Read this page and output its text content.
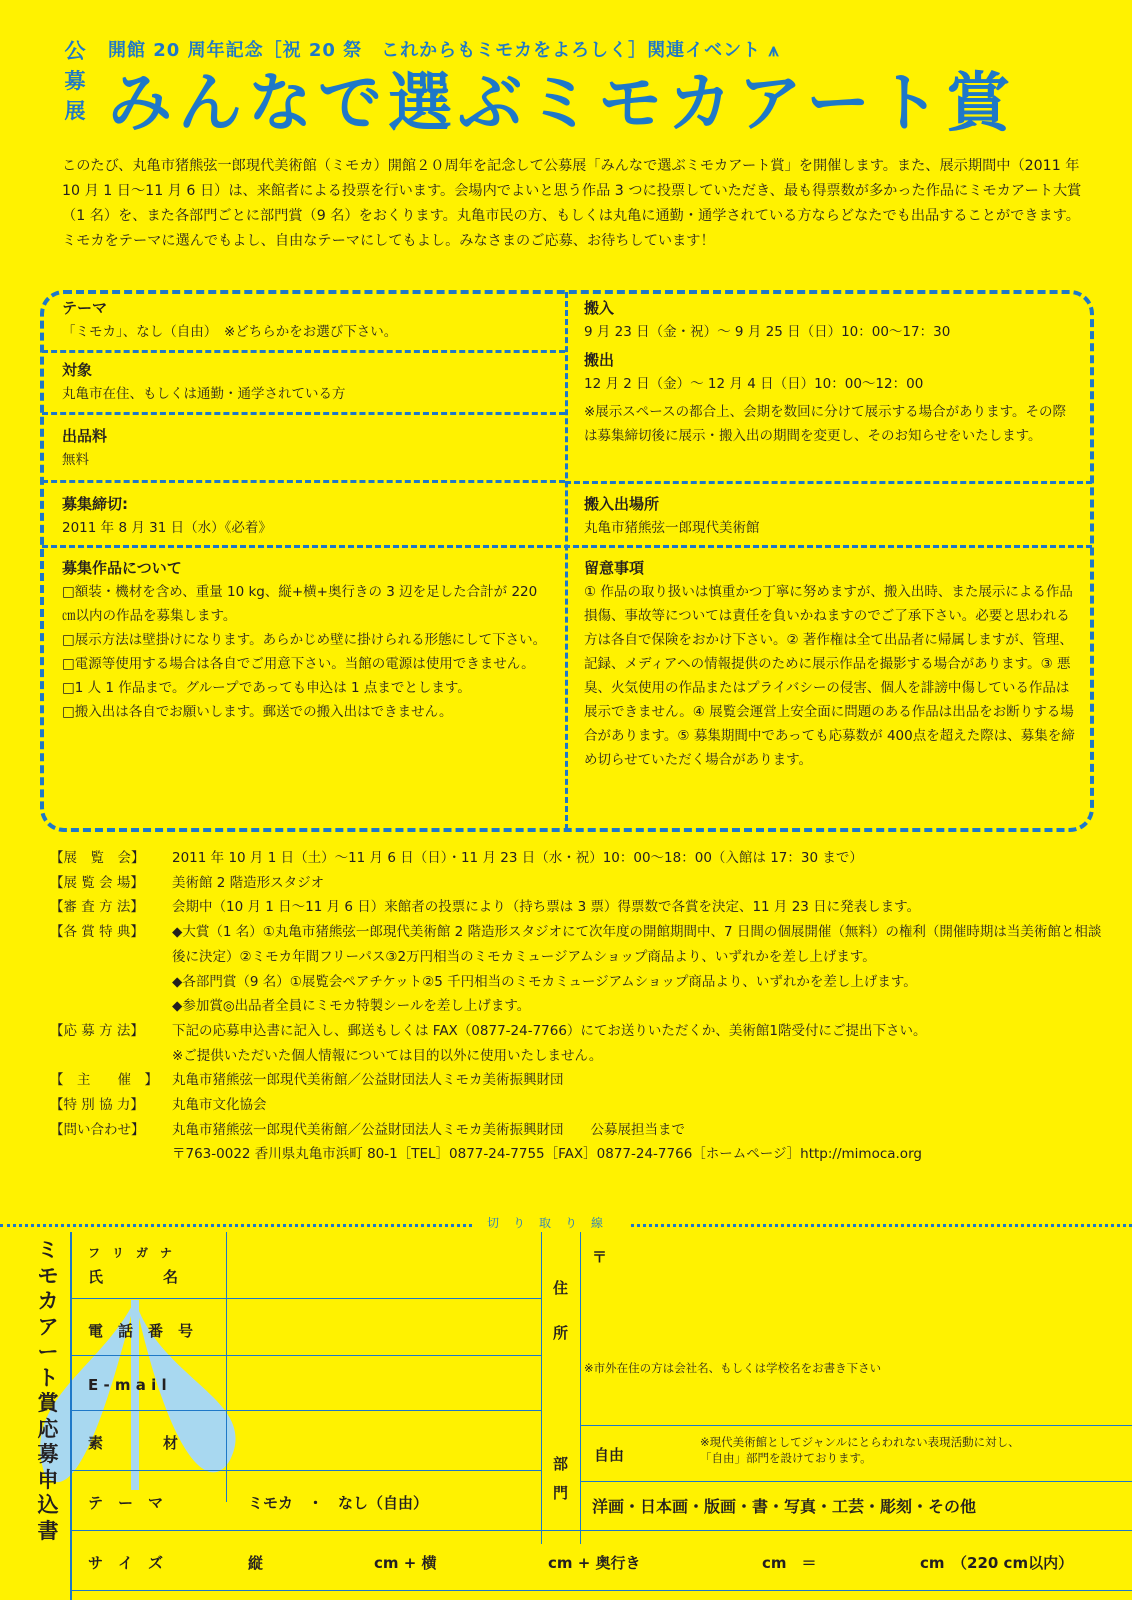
公募展
開館 20 周年記念［祝 20 祭　これからもミモカをよろしく］関連イベント ⩚
みんなで選ぶミモカアート賞
このたび、丸亀市猪熊弦一郎現代美術館（ミモカ）開館２０周年を記念して公募展「みんなで選ぶミモカアート賞」を開催します。また、展示期間中（2011 年 10 月 1 日〜11 月 6 日）は、来館者による投票を行います。会場内でよいと思う作品 3 つに投票していただき、最も得票数が多かった作品にミモカアート大賞（1 名）を、また各部門ごとに部門賞（9 名）をおくります。丸亀市民の方、もしくは丸亀に通勤・通学されている方ならどなたでも出品することができます。ミモカをテーマに選んでもよし、自由なテーマにしてもよし。みなさまのご応募、お待ちしています！
テーマ
「ミモカ」、なし（自由）　※どちらかをお選び下さい。
対象
丸亀市在住、もしくは通勤・通学されている方
出品料
無料
募集締切:
2011 年 8 月 31 日（水）《必着》
募集作品について
□額装・機材を含め、重量 10 kg、縦+横+奥行きの 3 辺を足した合計が 220 ㎝以内の作品を募集します。
□展示方法は壁掛けになります。あらかじめ壁に掛けられる形態にして下さい。
□電源等使用する場合は各自でご用意下さい。当館の電源は使用できません。
□1 人 1 作品まで。グループであっても申込は 1 点までとします。
□搬入出は各自でお願いします。郵送での搬入出はできません。
搬入
9 月 23 日（金・祝）〜 9 月 25 日（日）10：00〜17：30
搬出
12 月 2 日（金）〜 12 月 4 日（日）10：00〜12：00
※展示スペースの都合上、会期を数回に分けて展示する場合があります。その際は募集締切後に展示・搬入出の期間を変更し、そのお知らせをいたします。
搬入出場所
丸亀市猪熊弦一郎現代美術館
留意事項
① 作品の取り扱いは慎重かつ丁寧に努めますが、搬入出時、また展示による作品損傷、事故等については責任を負いかねますのでご了承下さい。必要と思われる方は各自で保険をおかけ下さい。② 著作権は全て出品者に帰属しますが、管理、記録、メディアへの情報提供のために展示作品を撮影する場合があります。③ 悪臭、火気使用の作品またはプライバシーの侵害、個人を誹謗中傷している作品は展示できません。④ 展覧会運営上安全面に問題のある作品は出品をお断りする場合があります。⑤ 募集期間中であっても応募数が 400点を超えた際は、募集を締め切らせていただく場合があります。
【展　覧　会】	2011 年 10 月 1 日（土）〜11 月 6 日（日）・11 月 23 日（水・祝）10：00〜18：00（入館は 17：30 まで）
【展 覧 会 場】	美術館 2 階造形スタジオ
【審 査 方 法】	会期中（10 月 1 日〜11 月 6 日）来館者の投票により（持ち票は 3 票）得票数で各賞を決定、11 月 23 日に発表します。
【各 賞 特 典】	◆大賞（1 名）①丸亀市猪熊弦一郎現代美術館 2 階造形スタジオにて次年度の開館期間中、7 日間の個展開催（無料）の権利（開催時期は当美術館と相談後に決定）②ミモカ年間フリーパス③2万円相当のミモカミュージアムショップ商品より、いずれかを差し上げます。
◆各部門賞（9 名）①展覧会ペアチケット②5 千円相当のミモカミュージアムショップ商品より、いずれかを差し上げます。
◆参加賞◎出品者全員にミモカ特製シールを差し上げます。
【応 募 方 法】	下記の応募申込書に記入し、郵送もしくは FAX（0877-24-7766）にてお送りいただくか、美術館1階受付にご提出下さい。
※ご提供いただいた個人情報については目的以外に使用いたしません。
【　主　　催　】	丸亀市猪熊弦一郎現代美術館／公益財団法人ミモカ美術振興財団
【特 別 協 力】	丸亀市文化協会
【問い合わせ】	丸亀市猪熊弦一郎現代美術館／公益財団法人ミモカ美術振興財団　　公募展担当まで
〒763-0022 香川県丸亀市浜町 80-1［TEL］0877-24-7755［FAX］0877-24-7766［ホームページ］http://mimoca.org
切り取り線
ミモカアート賞応募申込書
フ　リ　ガ　ナ
氏　　　　名
電　話　番　号
E - m a i l
素　　　　材
テ　ー　マ	ミモカ　・　なし（自由）
サ　イ　ズ
住
所
〒
※市外在住の方は会社名、もしくは学校名をお書き下さい
部
門
自由
※現代美術館としてジャンルにとらわれない表現活動に対し、「自由」部門を設けております。
洋画・日本画・版画・書・写真・工芸・彫刻・その他
縦	cm + 横	cm + 奥行き	cm　＝	cm　（220 cm以内）
